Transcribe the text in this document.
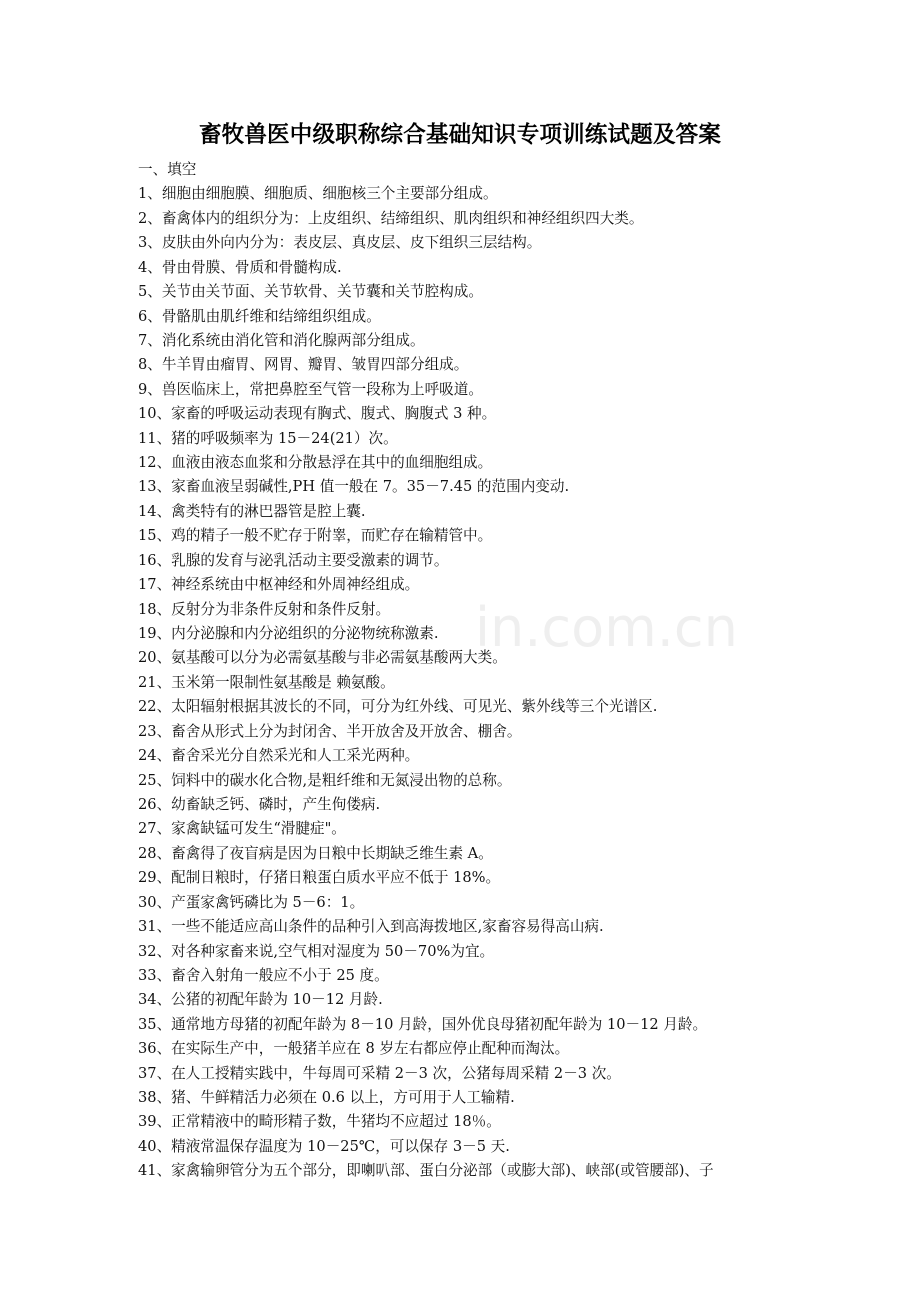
in.com.cn
畜牧兽医中级职称综合基础知识专项训练试题及答案
一、填空
1、细胞由细胞膜、细胞质、细胞核三个主要部分组成。
2、畜禽体内的组织分为：上皮组织、结缔组织、肌肉组织和神经组织四大类。
3、皮肤由外向内分为：表皮层、真皮层、皮下组织三层结构。
4、骨由骨膜、骨质和骨髓构成.
5、关节由关节面、关节软骨、关节囊和关节腔构成。
6、骨骼肌由肌纤维和结缔组织组成。
7、消化系统由消化管和消化腺两部分组成。
8、牛羊胃由瘤胃、网胃、瓣胃、皱胃四部分组成。
9、兽医临床上，常把鼻腔至气管一段称为上呼吸道。
10、家畜的呼吸运动表现有胸式、腹式、胸腹式 3 种。
11、猪的呼吸频率为 15－24(21）次。
12、血液由液态血浆和分散悬浮在其中的血细胞组成。
13、家畜血液呈弱碱性,PH 值一般在 7。35－7.45 的范围内变动.
14、禽类特有的淋巴器管是腔上囊.
15、鸡的精子一般不贮存于附睾，而贮存在输精管中。
16、乳腺的发育与泌乳活动主要受激素的调节。
17、神经系统由中枢神经和外周神经组成。
18、反射分为非条件反射和条件反射。
19、内分泌腺和内分泌组织的分泌物统称激素.
20、氨基酸可以分为必需氨基酸与非必需氨基酸两大类。
21、玉米第一限制性氨基酸是 赖氨酸。
22、太阳辐射根据其波长的不同，可分为红外线、可见光、紫外线等三个光谱区.
23、畜舍从形式上分为封闭舍、半开放舍及开放舍、棚舍。
24、畜舍采光分自然采光和人工采光两种。
25、饲料中的碳水化合物,是粗纤维和无氮浸出物的总称。
26、幼畜缺乏钙、磷时，产生佝偻病.
27、家禽缺锰可发生“滑腱症"。
28、畜禽得了夜盲病是因为日粮中长期缺乏维生素 A。
29、配制日粮时，仔猪日粮蛋白质水平应不低于 18%。
30、产蛋家禽钙磷比为 5－6：1。
31、一些不能适应高山条件的品种引入到高海拨地区,家畜容易得高山病.
32、对各种家畜来说,空气相对湿度为 50－70%为宜。
33、畜舍入射角一般应不小于 25 度。
34、公猪的初配年龄为 10－12 月龄.
35、通常地方母猪的初配年龄为 8－10 月龄，国外优良母猪初配年龄为 10－12 月龄。
36、在实际生产中，一般猪羊应在 8 岁左右都应停止配种而淘汰。
37、在人工授精实践中，牛每周可采精 2－3 次，公猪每周采精 2－3 次。
38、猪、牛鲜精活力必须在 0.6 以上，方可用于人工输精.
39、正常精液中的畸形精子数，牛猪均不应超过 18％。
40、精液常温保存温度为 10－25℃，可以保存 3－5 天.
41、家禽输卵管分为五个部分，即喇叭部、蛋白分泌部（或膨大部)、峡部(或管腰部)、子
